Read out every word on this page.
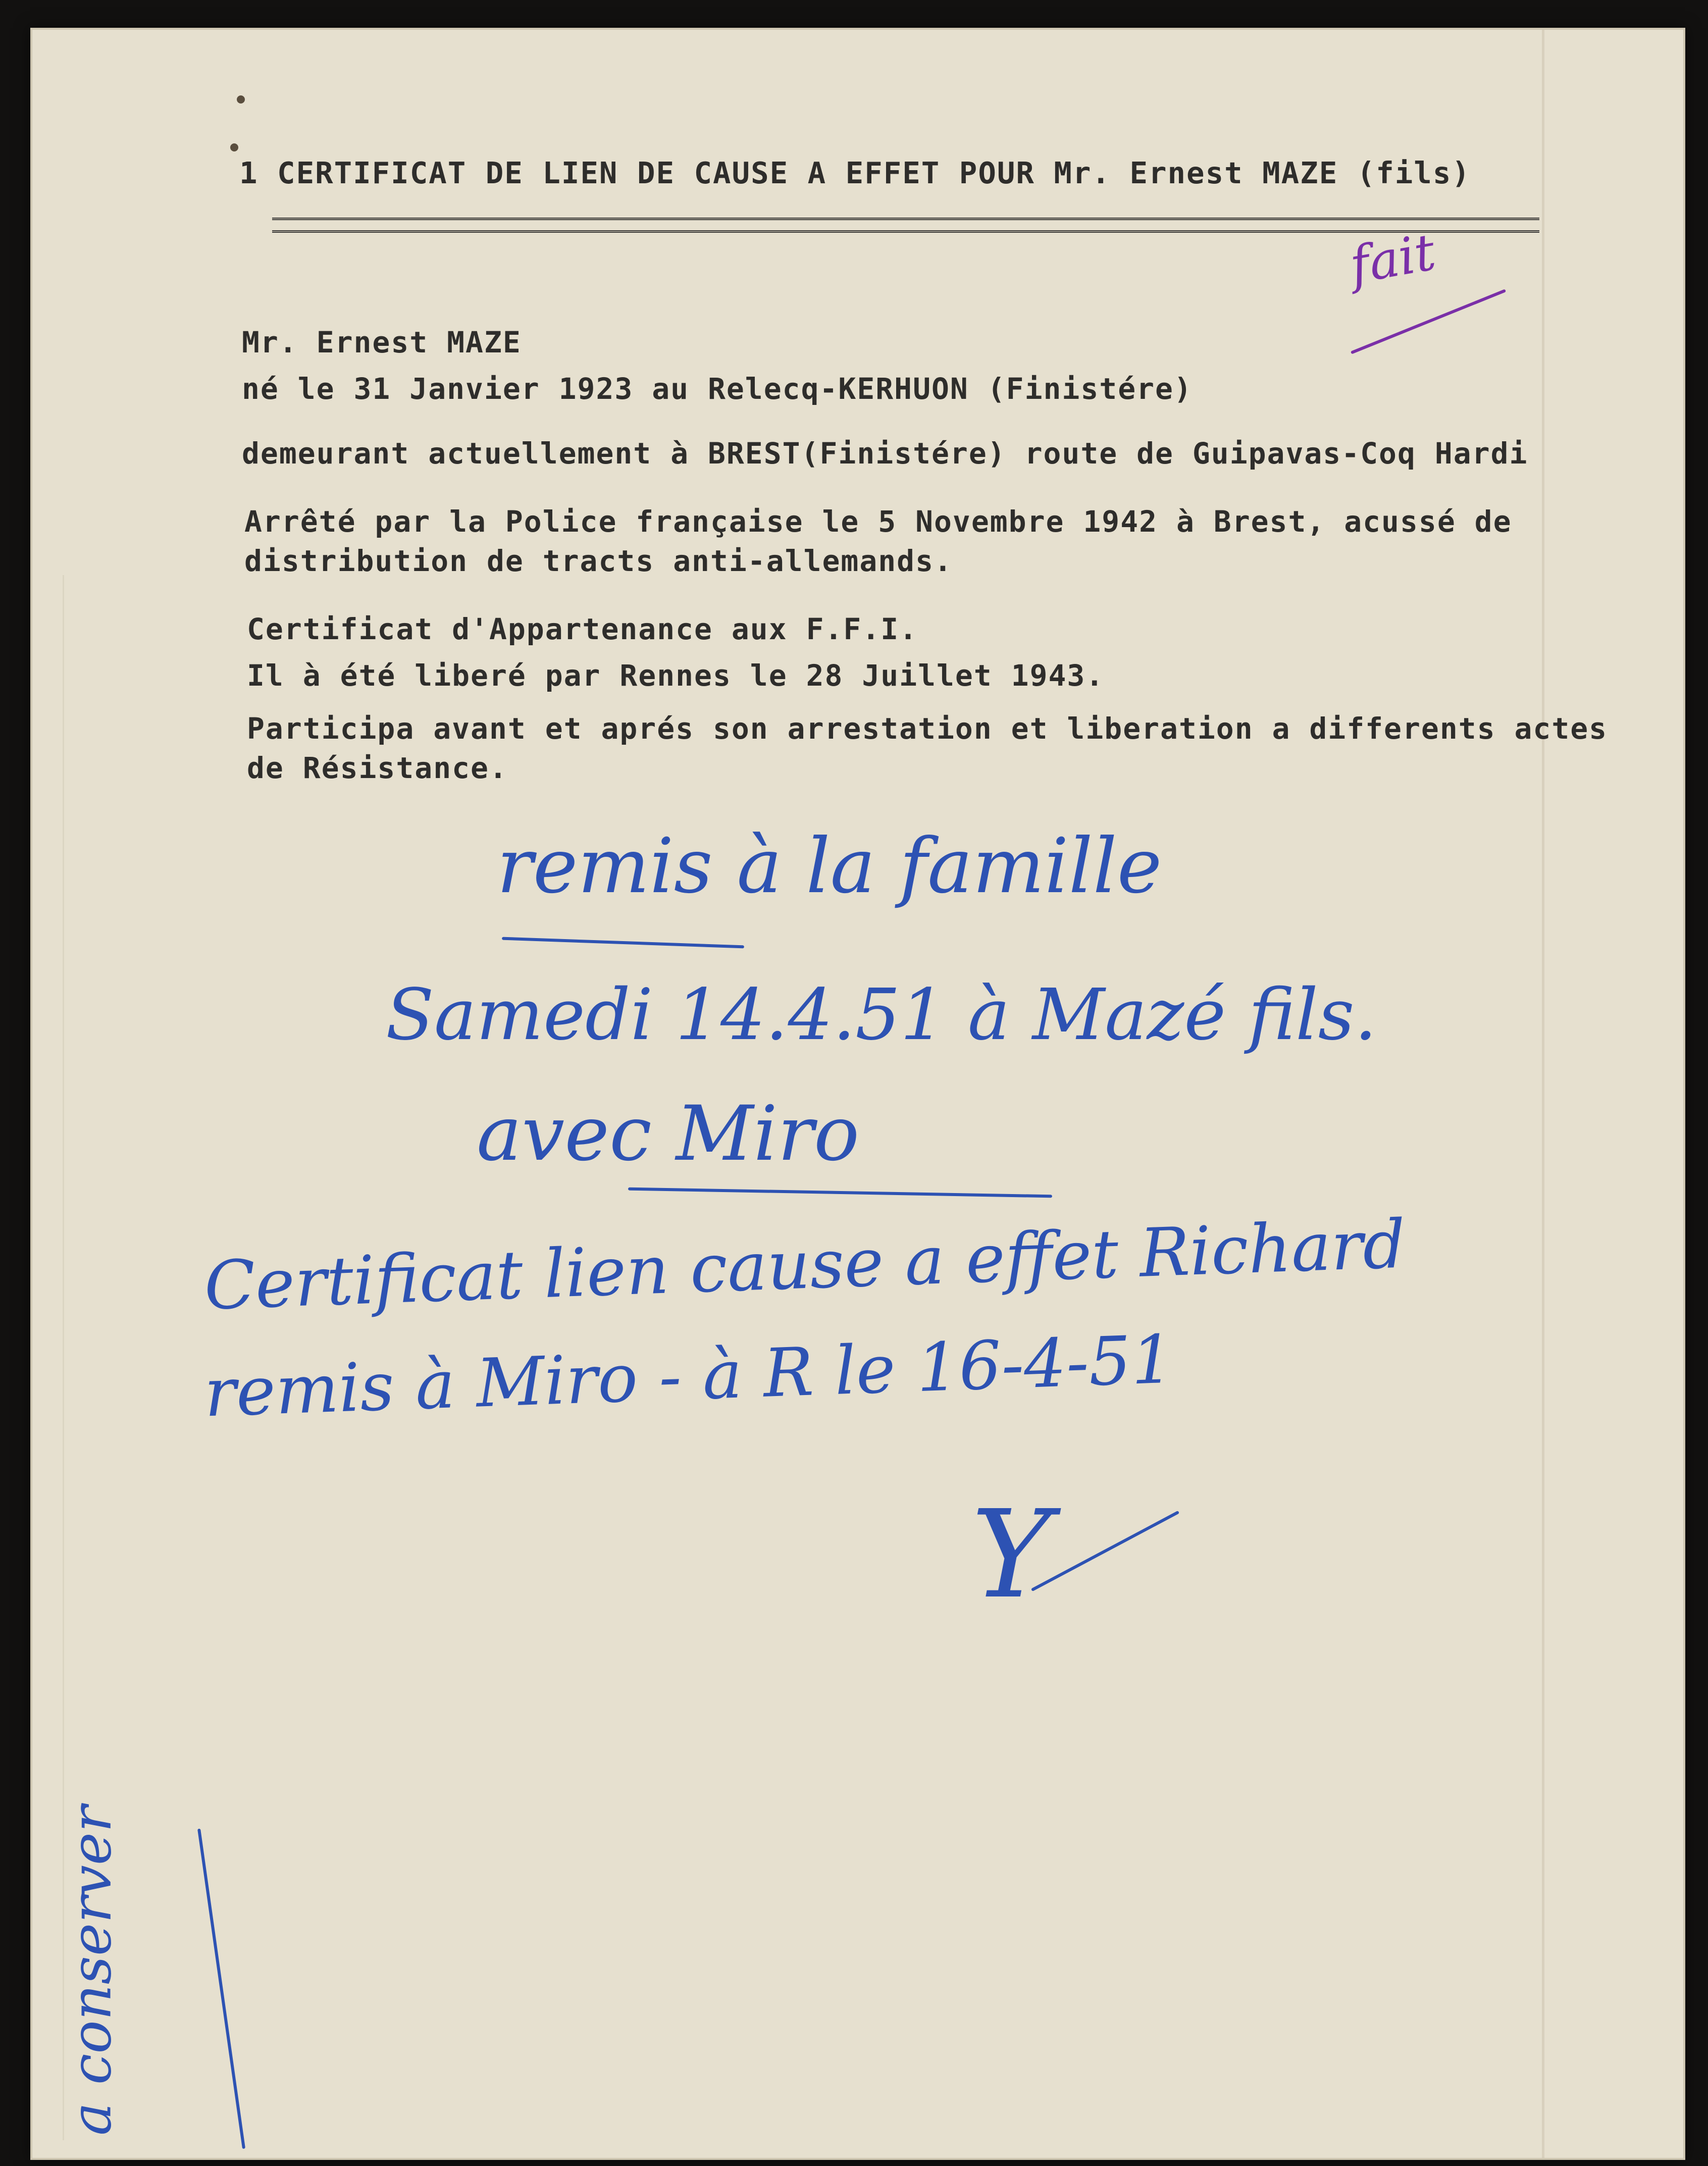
1 CERTIFICAT DE LIEN DE CAUSE A EFFET POUR Mr. Ernest MAZE (fils)
fait
Mr. Ernest MAZE
né le 31 Janvier 1923 au Relecq-KERHUON (Finistére)
demeurant actuellement à BREST(Finistére) route de Guipavas-Coq Hardi
Arrêté par la Police française le 5 Novembre 1942 à Brest, acussé de
distribution de tracts anti-allemands.
Certificat d'Appartenance aux F.F.I.
Il à été liberé par Rennes le 28 Juillet 1943.
Participa avant et aprés son arrestation et liberation a differents actes
de Résistance.
remis à la famille
Samedi 14.4.51 à Mazé fils.
avec Miro
Certificat lien cause a effet Richard
remis à Miro - à R le 16-4-51
Y
a conserver
